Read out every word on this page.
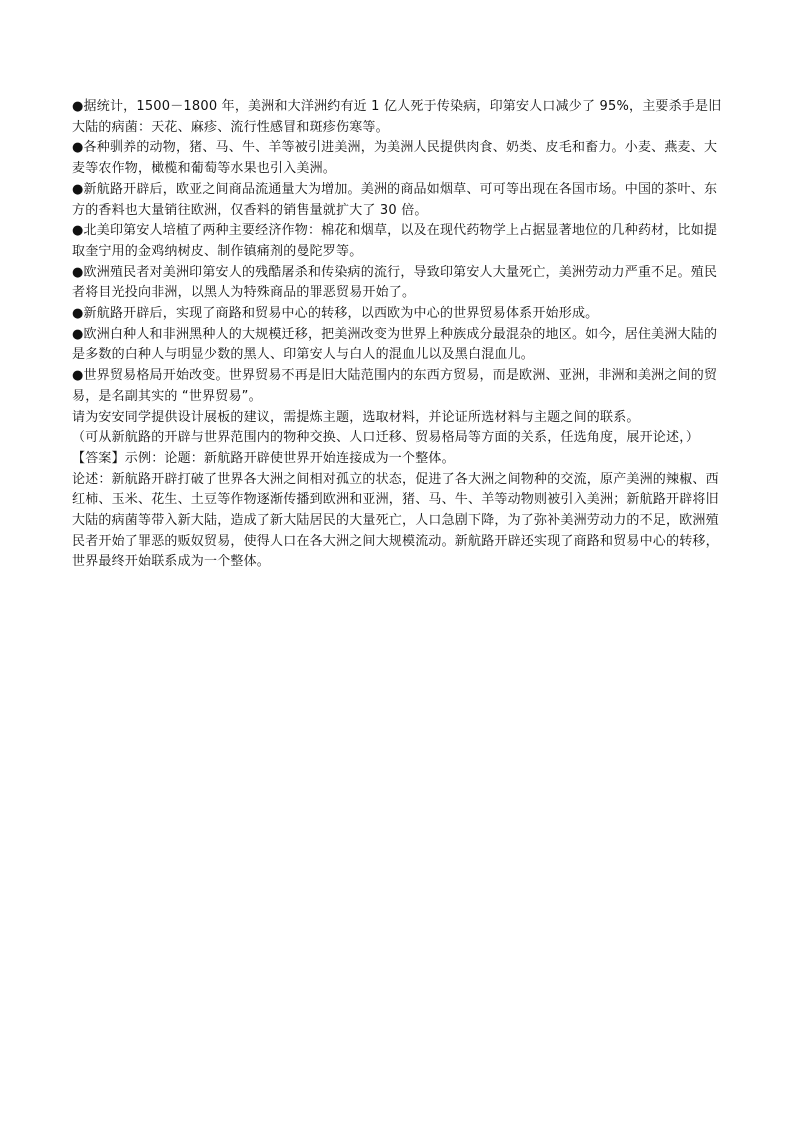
●据统计，1500－1800 年，美洲和大洋洲约有近 1 亿人死于传染病，印第安人口减少了 95%，主要杀手是旧大陆的病菌：天花、麻疹、流行性感冒和斑疹伤寒等。

●各种驯养的动物，猪、马、牛、羊等被引进美洲，为美洲人民提供肉食、奶类、皮毛和畜力。小麦、燕麦、大麦等农作物，橄榄和葡萄等水果也引入美洲。

●新航路开辟后，欧亚之间商品流通量大为增加。美洲的商品如烟草、可可等出现在各国市场。中国的茶叶、东方的香料也大量销往欧洲，仅香料的销售量就扩大了 30 倍。

●北美印第安人培植了两种主要经济作物：棉花和烟草，以及在现代药物学上占据显著地位的几种药材，比如提取奎宁用的金鸡纳树皮、制作镇痛剂的曼陀罗等。

●欧洲殖民者对美洲印第安人的残酷屠杀和传染病的流行，导致印第安人大量死亡，美洲劳动力严重不足。殖民者将目光投向非洲，以黑人为特殊商品的罪恶贸易开始了。

●新航路开辟后，实现了商路和贸易中心的转移，以西欧为中心的世界贸易体系开始形成。

●欧洲白种人和非洲黑种人的大规模迁移，把美洲改变为世界上种族成分最混杂的地区。如今，居住美洲大陆的是多数的白种人与明显少数的黑人、印第安人与白人的混血儿以及黑白混血儿。

●世界贸易格局开始改变。世界贸易不再是旧大陆范围内的东西方贸易，而是欧洲、亚洲，非洲和美洲之间的贸易，是名副其实的 “世界贸易”。

请为安安同学提供设计展板的建议，需提炼主题，选取材料，并论证所选材料与主题之间的联系。

（可从新航路的开辟与世界范围内的物种交换、人口迁移、贸易格局等方面的关系，任选角度，展开论述，）

【答案】示例：论题：新航路开辟使世界开始连接成为一个整体。

论述：新航路开辟打破了世界各大洲之间相对孤立的状态，促进了各大洲之间物种的交流，原产美洲的辣椒、西红柿、玉米、花生、土豆等作物逐渐传播到欧洲和亚洲，猪、马、牛、羊等动物则被引入美洲；新航路开辟将旧大陆的病菌等带入新大陆，造成了新大陆居民的大量死亡，人口急剧下降，为了弥补美洲劳动力的不足，欧洲殖民者开始了罪恶的贩奴贸易，使得人口在各大洲之间大规模流动。新航路开辟还实现了商路和贸易中心的转移，世界最终开始联系成为一个整体。
